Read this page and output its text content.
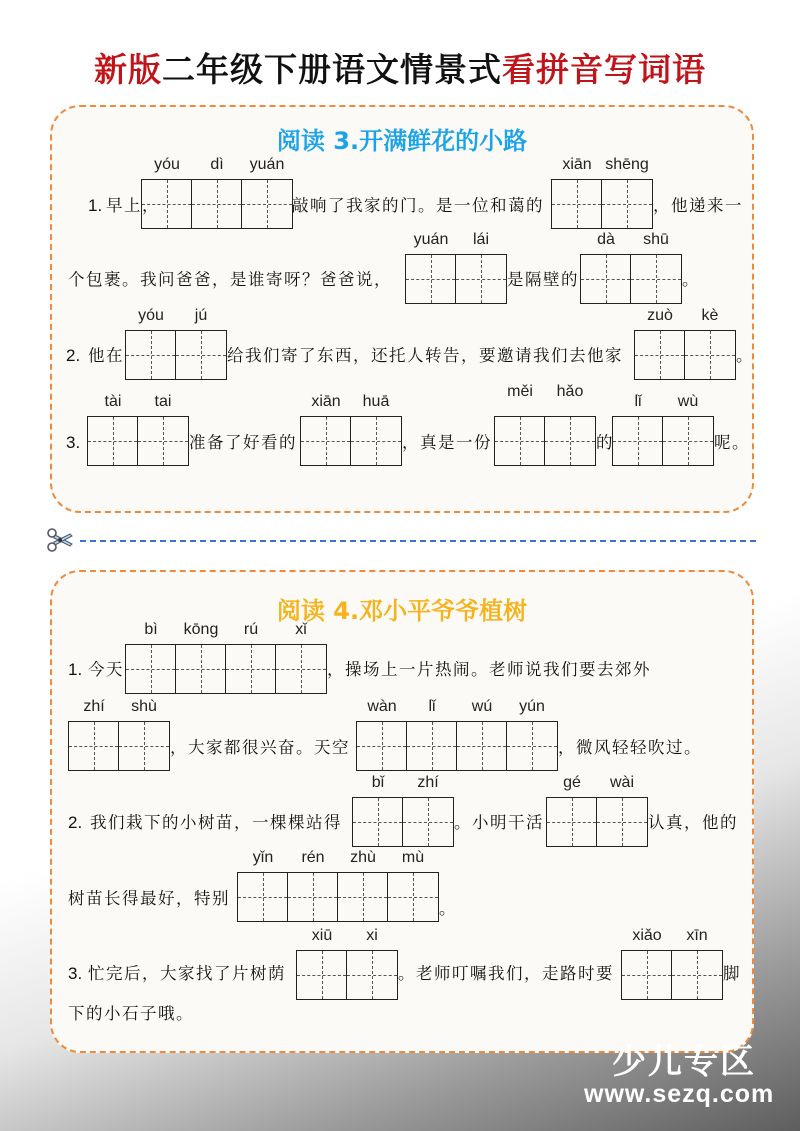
新版二年级下册语文情景式看拼音写词语
阅读 3.开满鲜花的小路
1. 早上，
yóu	dì	yuán
敲响了我家的门。是一位和蔼的
xiān shēng
，他递来一
个包裹。我问爸爸，是谁寄呀？爸爸说，
yuán	lái
是隔壁的
dà	shū
。
2. 他在
yóu	jú
给我们寄了东西，还托人转告，要邀请我们去他家
zuò	kè
。
3.
tài	tai
准备了好看的
xiān	huā
，真是一份
měi	hǎo
的
lǐ	wù
呢。
阅读 4.邓小平爷爷植树
1. 今天
bì	kōng	rú	xǐ
，操场上一片热闹。老师说我们要去郊外
zhí	shù
，大家都很兴奋。天空
wàn	lǐ	wú	yún
，微风轻轻吹过。
2. 我们栽下的小树苗，一棵棵站得
bǐ	zhí
。小明干活
gé	wài
认真，他的
树苗长得最好，特别
yǐn	rén	zhù	mù
。
3. 忙完后，大家找了片树荫
xiū	xi
。老师叮嘱我们，走路时要
xiǎo	xīn
脚
下的小石子哦。
少儿专区
www.sezq.com
